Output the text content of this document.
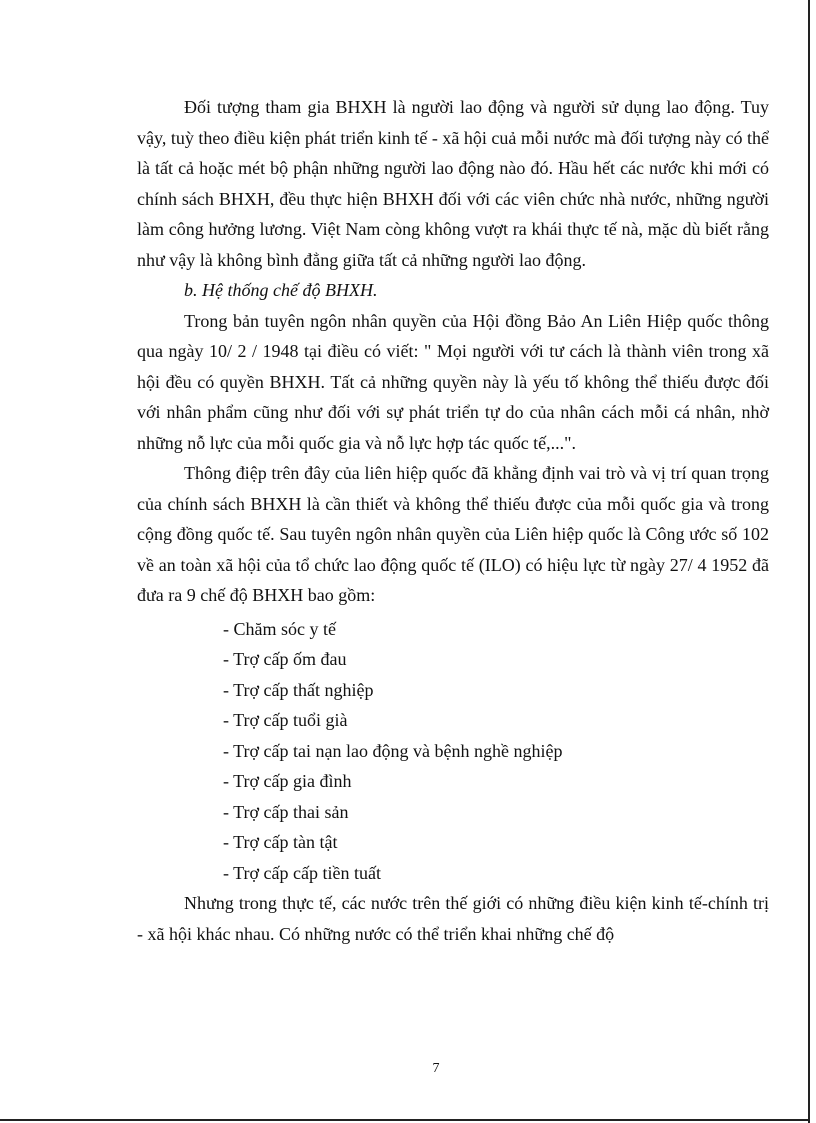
Đối tượng tham gia BHXH là người lao động và người sử dụng lao động. Tuy vậy, tuỳ theo điều kiện phát triển kinh tế - xã hội cuả mỗi nước mà đối tượng này có thể là tất cả hoặc mét bộ phận những người lao động nào đó. Hầu hết các nước khi mới có chính sách BHXH, đều thực hiện BHXH đối với các viên chức nhà nước, những người làm công hưởng lương. Việt Nam còng không vượt ra khái thực tế nà, mặc dù biết rằng như vậy là không bình đẳng giữa tất cả những người lao động.

b. Hệ thống chế độ BHXH.

Trong bản tuyên ngôn nhân quyền của Hội đồng Bảo An Liên Hiệp quốc thông qua ngày 10/ 2 / 1948 tại điều có viết: " Mọi người với tư cách là thành viên trong xã hội đều có quyền BHXH. Tất cả những quyền này là yếu tố không thể thiếu được đối với nhân phẩm cũng như đối với sự phát triển tự do của nhân cách mỗi cá nhân, nhờ những nỗ lực của mỗi quốc gia và nỗ lực hợp tác quốc tế,...".

Thông điệp trên đây của liên hiệp quốc đã khẳng định vai trò và vị trí quan trọng của chính sách BHXH là cần thiết và không thể thiếu được của mỗi quốc gia và trong cộng đồng quốc tế. Sau tuyên ngôn nhân quyền của Liên hiệp quốc là Công ước số 102 về an toàn xã hội của tổ chức lao động quốc tế (ILO) có hiệu lực từ ngày 27/ 4 1952 đã đưa ra 9 chế độ BHXH bao gồm:

- Chăm sóc y tế
- Trợ cấp ốm đau
- Trợ cấp thất nghiệp
- Trợ cấp tuổi già
- Trợ cấp tai nạn lao động và bệnh nghề nghiệp
- Trợ cấp gia đình
- Trợ cấp thai sản
- Trợ cấp tàn tật
- Trợ cấp cấp tiền tuất

Nhưng trong thực tế, các nước trên thế giới có những điều kiện kinh tế-chính trị - xã hội khác nhau. Có những nước có thể triển khai những chế độ

7
